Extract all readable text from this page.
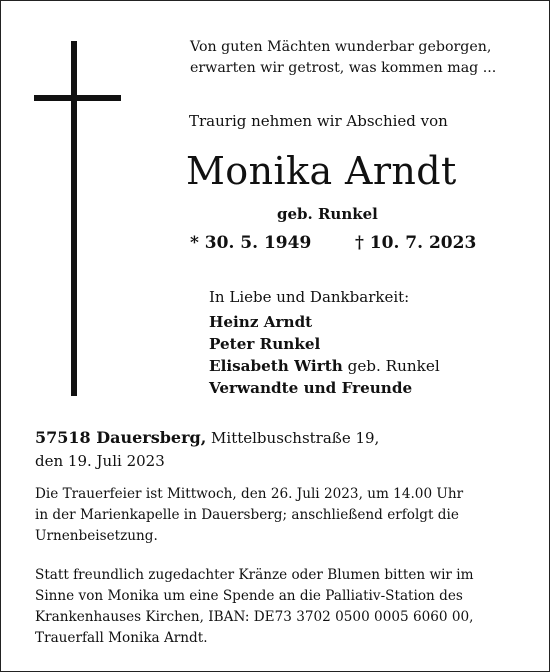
Von guten Mächten wunderbar geborgen,
erwarten wir getrost, was kommen mag ...
Traurig nehmen wir Abschied von
Monika Arndt
geb. Runkel
* 30. 5. 1949	† 10. 7. 2023
In Liebe und Dankbarkeit:
Heinz Arndt
Peter Runkel
Elisabeth Wirth geb. Runkel
Verwandte und Freunde
57518 Dauersberg, Mittelbuschstraße 19,
den 19. Juli 2023
Die Trauerfeier ist Mittwoch, den 26. Juli 2023, um 14.00 Uhr
in der Marienkapelle in Dauersberg; anschließend erfolgt die
Urnenbeisetzung.
Statt freundlich zugedachter Kränze oder Blumen bitten wir im
Sinne von Monika um eine Spende an die Palliativ-Station des
Krankenhauses Kirchen, IBAN: DE73 3702 0500 0005 6060 00,
Trauerfall Monika Arndt.
